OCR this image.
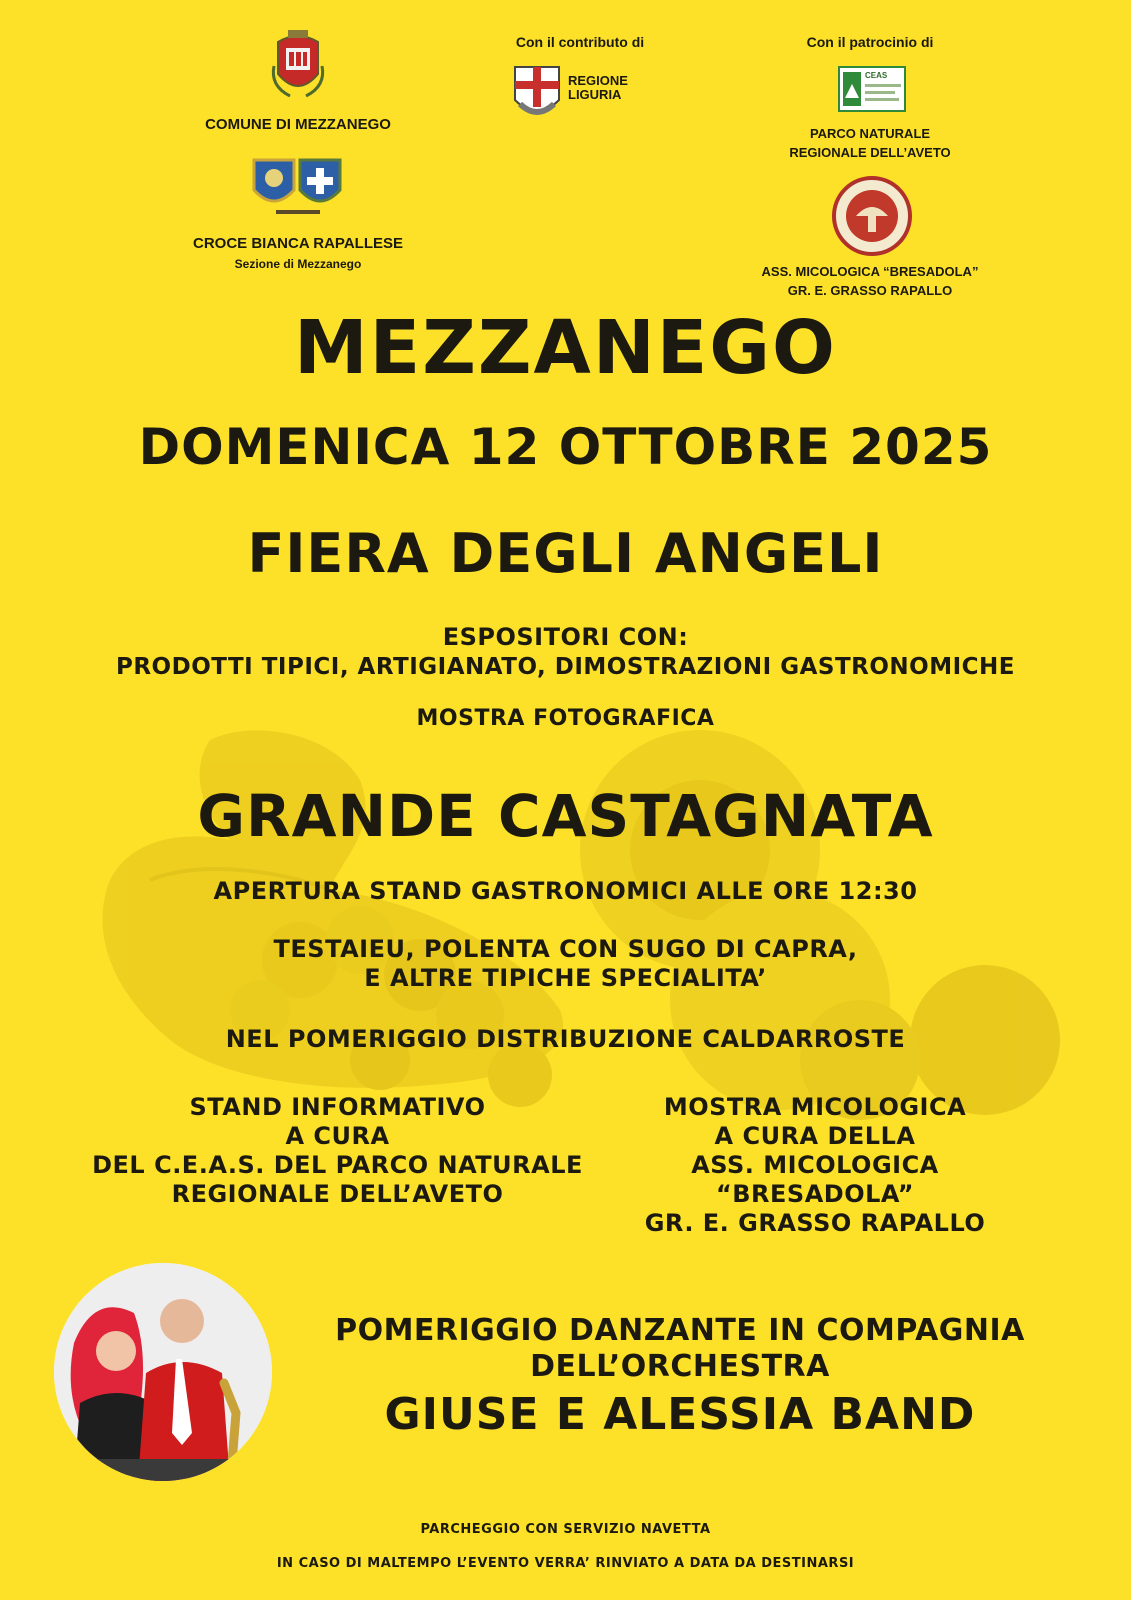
COMUNE DI MEZZANEGO
CROCE BIANCA RAPALLESE
Sezione di Mezzanego
Con il contributo di
REGIONE
LIGURIA
Con il patrocinio di
CEAS
PARCO NATURALE
REGIONALE DELL’AVETO
ASS. MICOLOGICA “BRESADOLA”
GR. E. GRASSO RAPALLO
MEZZANEGO
DOMENICA 12 OTTOBRE 2025
FIERA DEGLI ANGELI
ESPOSITORI CON:
PRODOTTI TIPICI, ARTIGIANATO, DIMOSTRAZIONI GASTRONOMICHE
MOSTRA FOTOGRAFICA
GRANDE CASTAGNATA
APERTURA STAND GASTRONOMICI ALLE ORE 12:30
TESTAIEU, POLENTA CON SUGO DI CAPRA,
E ALTRE TIPICHE SPECIALITA’
NEL POMERIGGIO DISTRIBUZIONE CALDARROSTE
STAND INFORMATIVO
A CURA
DEL C.E.A.S. DEL PARCO NATURALE
REGIONALE DELL’AVETO
MOSTRA MICOLOGICA
A CURA DELLA
ASS. MICOLOGICA
“BRESADOLA”
GR. E. GRASSO RAPALLO
POMERIGGIO DANZANTE IN COMPAGNIA
DELL’ORCHESTRA
GIUSE E ALESSIA BAND
PARCHEGGIO CON SERVIZIO NAVETTA
IN CASO DI MALTEMPO L’EVENTO VERRA’ RINVIATO A DATA DA DESTINARSI
